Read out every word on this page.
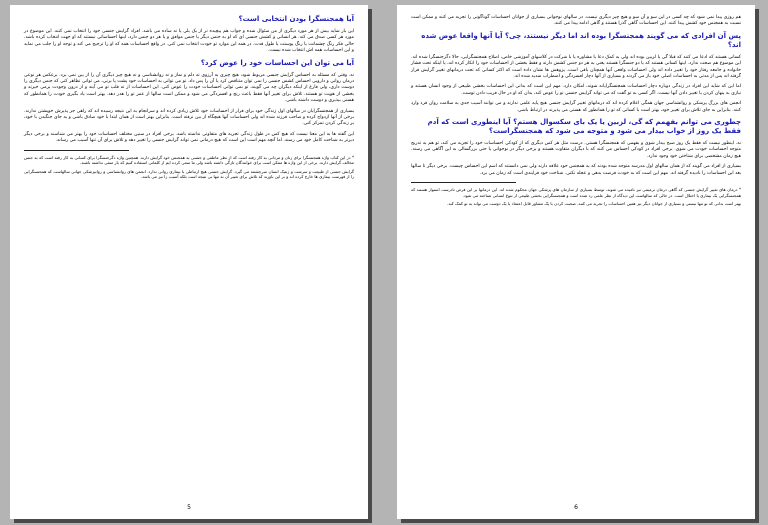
آیا همجنسگرا بودن انتخابی است؟

این بار شاید بیش از هر مورد دیگری از من سئوال شده و جواب هم پیچیده تر از یک بلی یا نه ساده می باشد. افراد گرایش جنسی خود را انتخاب نمی کنند. این موضوع در مورد هر کسی صدق می کند. هر انسانی و کشش جنسی ای که او به جنس دیگر یا جنس موافق و یا هر دو جنس دارد، اینها احساساتی نیستند که او جهت انتخاب کرده باشد. حالی فکر رنگ چشمانت یا رنگ پوستت یا طول قدت. در همه این موارد تو خودت انتخاب نمی کنی. در واقع احساسات همه که او را ترجیح می کند و توجه او را جلب می نماید و این احساسات همه اش انتخاب شده نیست.

آیا می توان این احساسات خود را عوض کرد؟

نه. وقتی که مسئله به احساس گرایش جنسی مربوط شود، هیچ چیزی به آرزوی ته دلم و نماز و نه روانشناسی و نه هیچ چیز دیگری آن را از بین نمی برد. برعکس هر نوعی درمان روانی و دارویی احساس کشش جنسی را نمی توان متناقض کرد یا آن را پس داد. تو می توانی به احساسات خود پشت پا بزنی، می توانی تظاهر کنی که جنس دیگری را دوست داری، ولی فارغ از اینکه دیگران چه می گویند، تو نمی توانی احساسات خودت را عوض کنی. این احساسات از ته قلب تو می آیند و از درون وجودت برمی خیزند و بخشی از هویت تو هستند. تلاش برای تغییر آنها فقط باعث رنج و افسردگی می شود و ممکن است سالها از عمر تو را هدر دهد. بهتر است یاد بگیری خودت را همانطور که هستی بپذیری و دوست داشته باشی.

بسیاری از همجنسگرایان در سالهای اول زندگی خود برای فرار از احساسات خود تلاش زیادی کرده اند و سرانجام به این نتیجه رسیده اند که راهی جز پذیرش خویشتن ندارند. برخی از آنها ازدواج کرده و صاحب فرزند شده اند ولی احساسات آنها هیچگاه از بین نرفته است. بنابراین بهتر است از همان ابتدا با خود صادق باشی و به جای جنگیدن با خود، بر زندگی کردن تمرکز کنی.

این گفته ها به این معنا نیست که هیچ کس در طول زندگی تجربه های متفاوتی نداشته باشد. برخی افراد در سنین مختلف احساسات خود را بهتر می شناسند و برخی دیگر دیرتر به شناخت کامل خود می رسند. اما آنچه مهم است این است که هیچ درمانی نمی تواند گرایش جنسی را تغییر دهد و تلاش برای آن تنها آسیب می رساند.

* در این کتاب واژه همجنسگرا برای زنان و مردانی به کار رفته است که از نظر عاطفی و جنسی به همجنس خود گرایش دارند. همچنین واژه دگرجنسگرا برای کسانی به کار رفته است که به جنس مخالف گرایش دارند. برخی از این واژه ها ممکن است برای خوانندگان تازگی داشته باشد ولی ما سعی کرده ایم از کلماتی استفاده کنیم که بار منفی نداشته باشند.

گرایش جنسی از طبیعت و سرشت و ژنتیک انسان سرچشمه می گیرد. گرایش جنسی هیچ ارتباطی با بیماری روانی ندارد. انجمن های روانشناسی و روانپزشکی جهانی سالهاست که همجنسگرایی را از فهرست بیماری ها خارج کرده اند و بر این باورند که تلاش برای تغییر آن نه تنها بی نتیجه است بلکه آسیب زا نیز می باشد.

5

هم روزی پیدا نمی شود که چه کسی در این سو و آن سو و هیچ چیز دیگری نیست. در سالهای نوجوانی بسیاری از جوانان احساسات گوناگونی را تجربه می کنند و ممکن است نسبت به همجنس خود کشش پیدا کنند. این احساسات گاهی گذرا هستند و گاهی ادامه پیدا می کنند.

پس آن افرادی که می گویند همجنسگرا بوده اند اما دیگر نیستند، چی؟ آیا آنها واقعا عوض شده اند؟

کسانی هستند که ادعا می کنند که قبلا گی یا لزبین بوده اند ولی به کمک دعا یا مشاوره یا با شرکت در کلاسهای آموزشی خاص، اصلاح همجنسگرایی، حالا دگرجنسگرا شده اند. این موضوع هم صحت ندارد. اینها کسانی هستند که یا دو جنسگرا هستند یعنی به هر دو جنس کشش دارند و فقط بخشی از احساسات خود را انکار کرده اند، یا اینکه تحت فشار خانواده و جامعه رفتار خود را تغییر داده اند ولی احساسات واقعی آنها همچنان باقی است. پژوهش ها نشان داده است که اکثر کسانی که تحت درمانهای تغییر گرایش قرار گرفته اند پس از مدتی به احساسات اصلی خود باز می گردند و بسیاری از آنها دچار افسردگی و اضطراب شدید شده اند.

اما این که شاید این افراد در زندگی دوباره دچار احساسات همجنسگرایانه شوند، امکان دارد. مهم این است که بدانی این احساسات بخشی طبیعی از وجود انسان هستند و نیازی به پنهان کردن یا تغییر دادن آنها نیست. اگر کسی به تو گفت که می تواند گرایش جنسی تو را عوض کند، بدان که او در حال فریب دادن توست.

انجمن های بزرگ پزشکی و روانشناسی جهان همگی اعلام کرده اند که درمانهای تغییر گرایش جنسی هیچ پایه علمی ندارند و می توانند آسیب جدی به سلامت روان فرد وارد کنند. بنابراین به جای تلاش برای تغییر خود، بهتر است با کسانی که تو را همانطور که هستی می پذیرند در ارتباط باشی.

چطوری می توانم بفهمم که گی، لزبین یا یک بای سکسوال هستم؟ آیا اینطوری است که آدم فقط یک روز از خواب بیدار می شود و متوجه می شود که همجنسگراست؟

نه. اینطور نیست که فقط یک روز صبح بیدار شوی و بفهمی که همجنسگرا هستی. درست مثل هر کس دیگری که از کودکی احساسات خود را تجربه می کند، تو هم به تدریج متوجه احساسات خودت می شوی. برخی افراد در کودکی احساس می کنند که با دیگران متفاوت هستند و برخی دیگر در نوجوانی یا حتی بزرگسالی به این آگاهی می رسند. هیچ زمان مشخصی برای شناختن خود وجود ندارد.

بسیاری از افراد می گویند که از همان سالهای اول مدرسه متوجه شده بودند که به همجنس خود علاقه دارند ولی نمی دانستند که اسم این احساس چیست. برخی دیگر تا سالها بعد این احساسات را نادیده گرفته اند. مهم این است که به خودت فرصت بدهی و عجله نکنی. شناخت خود فرایندی است که زمان می برد.

* درمان های تغییر گرایش جنسی که گاهی درمان ترمیمی نیز نامیده می شوند، توسط بسیاری از سازمان های پزشکی جهان محکوم شده اند. این درمانها بر این فرض نادرست استوار هستند که همجنسگرایی یک بیماری یا اختلال است. در حالی که سالهاست این دیدگاه از نظر علمی رد شده است و همجنسگرایی بخشی طبیعی از تنوع انسانی شناخته می شود.

بهتر است بدانی که تو تنها نیستی و بسیاری از جوانان دیگر نیز همین احساسات را تجربه می کنند. صحبت کردن با یک مشاور قابل اعتماد یا یک دوست می تواند به تو کمک کند.

6
